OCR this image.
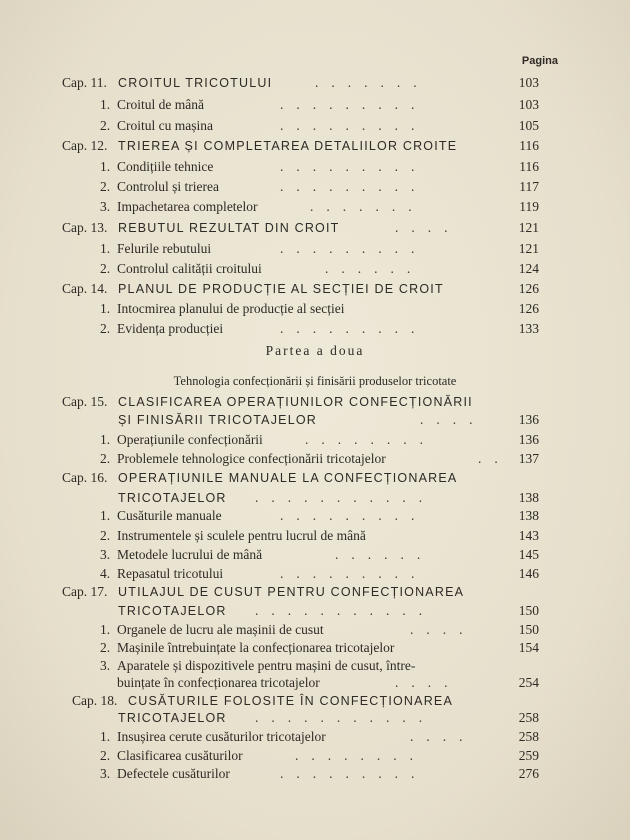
Pagina
Cap. 11. CROITUL TRICOTULUI	.......	103
1. Croitul de mână	.........	103
2. Croitul cu mașina	.........	105
Cap. 12. TRIEREA ȘI COMPLETAREA DETALIILOR CROITE	116
1. Condițiile tehnice	.........	116
2. Controlul și trierea	.........	117
3. Impachetarea completelor	.......	119
Cap. 13. REBUTUL REZULTAT DIN CROIT	....	121
1. Felurile rebutului	.........	121
2. Controlul calității croitului	......	124
Cap. 14. PLANUL DE PRODUCȚIE AL SECȚIEI DE CROIT	126
1. Intocmirea planului de producție al secției	126
2. Evidența producției	.........	133
Partea a doua
Tehnologia confecționării și finisării produselor tricotate
Cap. 15. CLASIFICAREA OPERAȚIUNILOR CONFECȚIONĂRII
ȘI FINISĂRII TRICOTAJELOR	.... 136
1. Operațiunile confecționării	........	136
2. Problemele tehnologice confecționării tricotajelor	.. 137
Cap. 16. OPERAȚIUNILE MANUALE LA CONFECȚIONAREA
TRICOTAJELOR ...........	138
1. Cusăturile manuale	.........	138
2. Instrumentele și sculele pentru lucrul de mână	143
3. Metodele lucrului de mână	......	145
4. Repasatul tricotului	.........	146
Cap. 17. UTILAJUL DE CUSUT PENTRU CONFECȚIONAREA
TRICOTAJELOR ...........	150
1. Organele de lucru ale mașinii de cusut	....	150
2. Mașinile întrebuințate la confecționarea tricotajelor	154
3. Aparatele și dispozitivele pentru mașini de cusut, între-
buințate în confecționarea tricotajelor	....	254
Cap. 18. CUSĂTURILE FOLOSITE ÎN CONFECȚIONAREA
TRICOTAJELOR ...........	258
1. Insușirea cerute cusăturilor tricotajelor	....	258
2. Clasificarea cusăturilor	........	259
3. Defectele cusăturilor	.........	276
